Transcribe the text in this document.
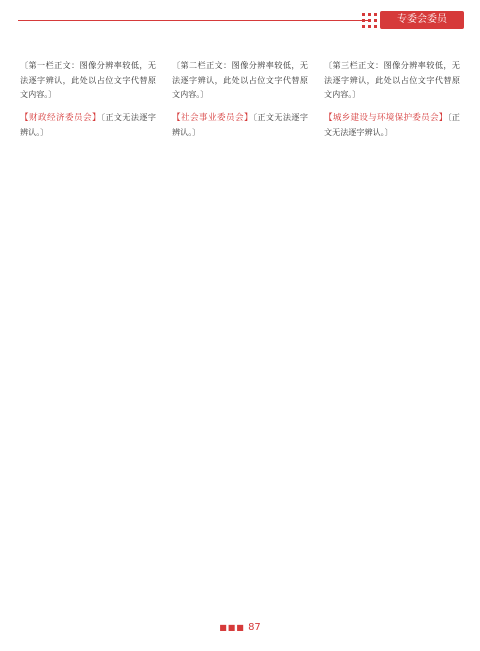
专委会委员

〔第一栏正文：图像分辨率较低，无法逐字辨认，此处以占位文字代替原文内容。〕

【财政经济委员会】〔正文无法逐字辨认。〕

〔第二栏正文：图像分辨率较低，无法逐字辨认，此处以占位文字代替原文内容。〕

【社会事业委员会】〔正文无法逐字辨认。〕

〔第三栏正文：图像分辨率较低，无法逐字辨认，此处以占位文字代替原文内容。〕

【城乡建设与环境保护委员会】〔正文无法逐字辨认。〕

■■■ 87
